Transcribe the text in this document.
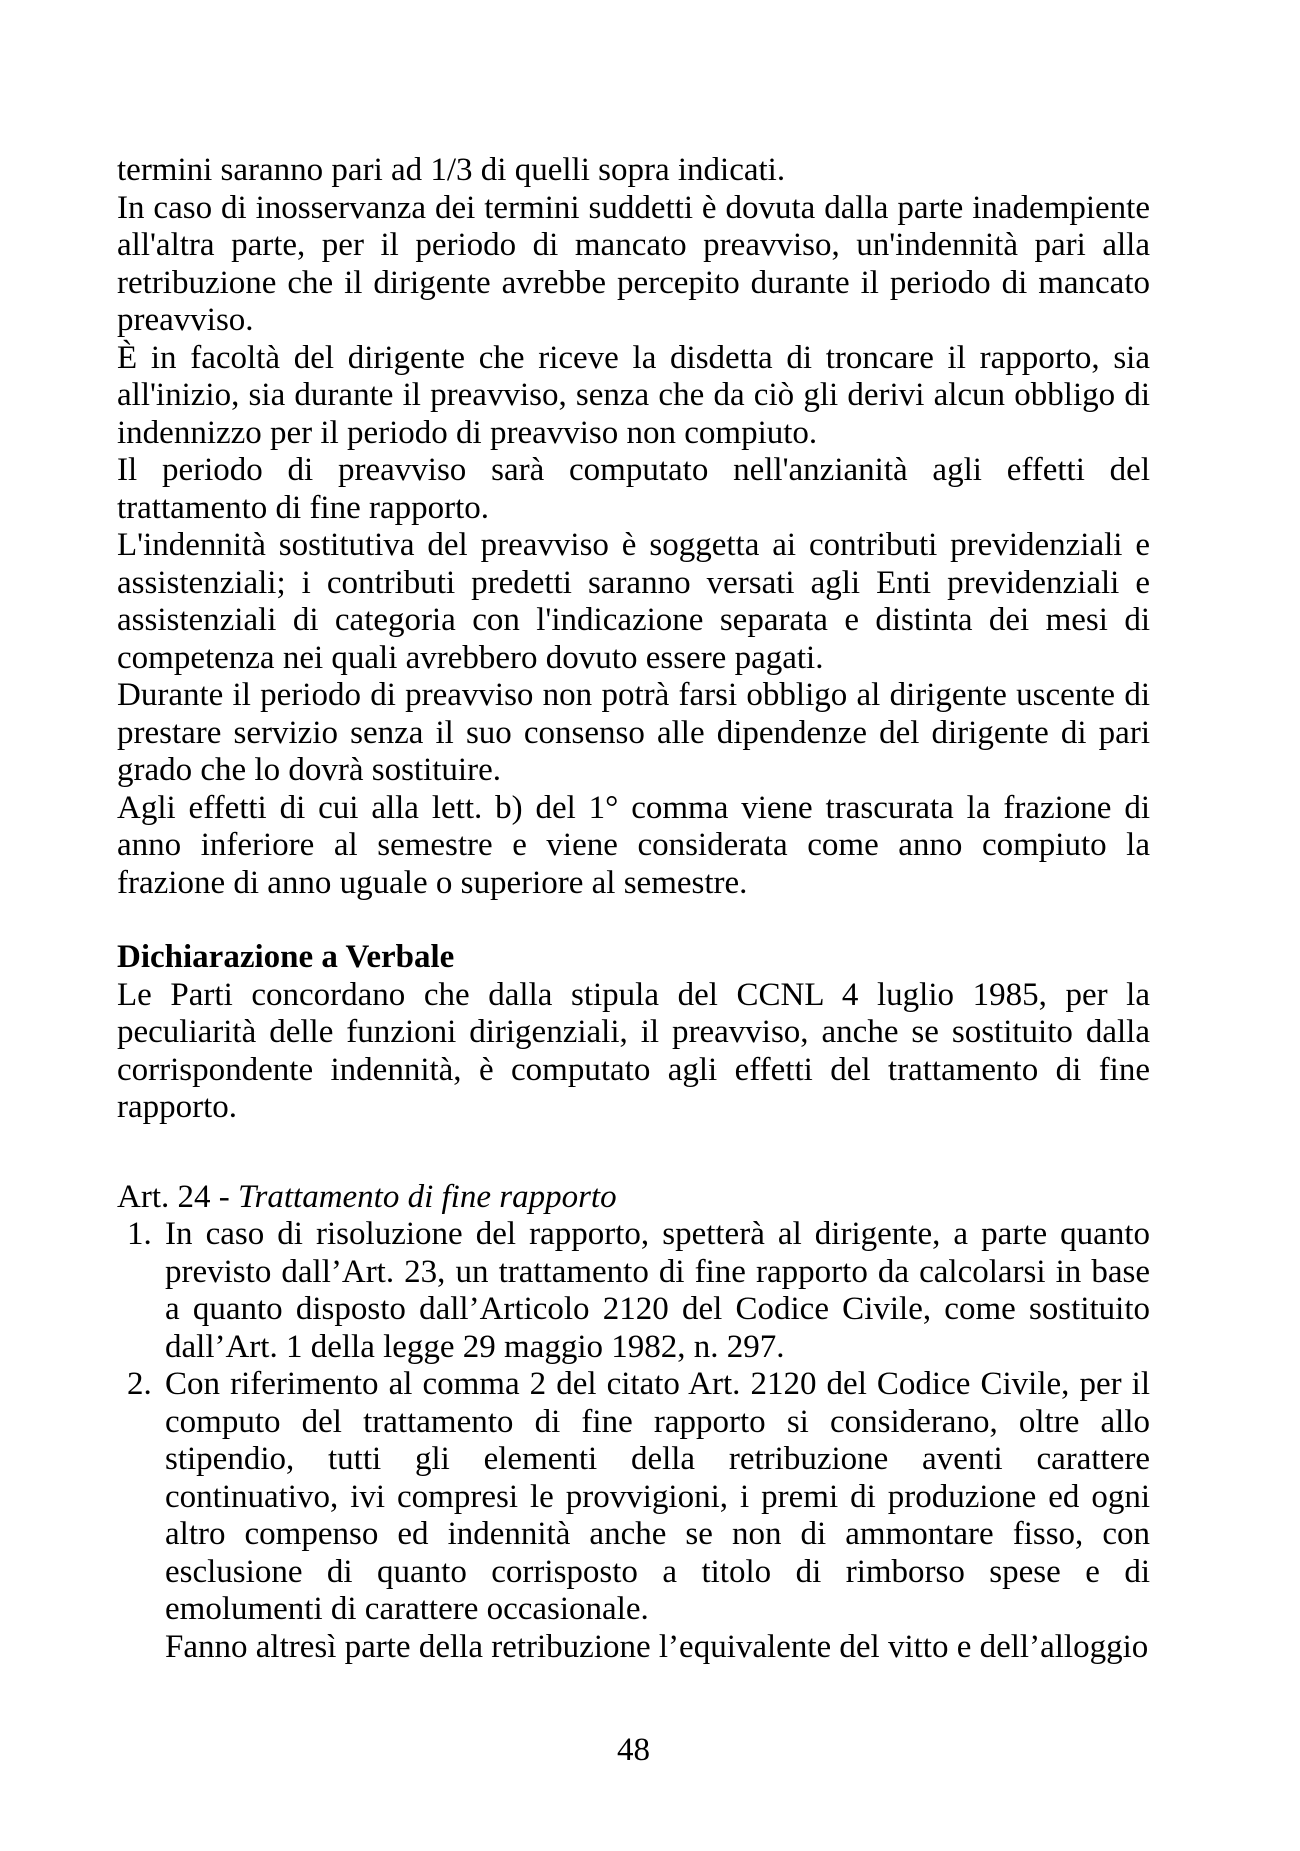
termini saranno pari ad 1/3 di quelli sopra indicati.

In caso di inosservanza dei termini suddetti è dovuta dalla parte inadempiente all'altra parte, per il periodo di mancato preavviso, un'indennità pari alla retribuzione che il dirigente avrebbe percepito durante il periodo di mancato preavviso.

È in facoltà del dirigente che riceve la disdetta di troncare il rapporto, sia all'inizio, sia durante il preavviso, senza che da ciò gli derivi alcun obbligo di indennizzo per il periodo di preavviso non compiuto.

Il periodo di preavviso sarà computato nell'anzianità agli effetti del trattamento di fine rapporto.

L'indennità sostitutiva del preavviso è soggetta ai contributi previdenziali e assistenziali; i contributi predetti saranno versati agli Enti previdenziali e assistenziali di categoria con l'indicazione separata e distinta dei mesi di competenza nei quali avrebbero dovuto essere pagati.

Durante il periodo di preavviso non potrà farsi obbligo al dirigente uscente di prestare servizio senza il suo consenso alle dipendenze del dirigente di pari grado che lo dovrà sostituire.

Agli effetti di cui alla lett. b) del 1° comma viene trascurata la frazione di anno inferiore al semestre e viene considerata come anno compiuto la frazione di anno uguale o superiore al semestre.

Dichiarazione a Verbale

Le Parti concordano che dalla stipula del CCNL 4 luglio 1985, per la peculiarità delle funzioni dirigenziali, il preavviso, anche se sostituito dalla corrispondente indennità, è computato agli effetti del trattamento di fine rapporto.

Art. 24 - Trattamento di fine rapporto

1. In caso di risoluzione del rapporto, spetterà al dirigente, a parte quanto previsto dall’Art. 23, un trattamento di fine rapporto da calcolarsi in base a quanto disposto dall’Articolo 2120 del Codice Civile, come sostituito dall’Art. 1 della legge 29 maggio 1982, n. 297.

2. Con riferimento al comma 2 del citato Art. 2120 del Codice Civile, per il computo del trattamento di fine rapporto si considerano, oltre allo stipendio, tutti gli elementi della retribuzione aventi carattere continuativo, ivi compresi le provvigioni, i premi di produzione ed ogni altro compenso ed indennità anche se non di ammontare fisso, con esclusione di quanto corrisposto a titolo di rimborso spese e di emolumenti di carattere occasionale.

Fanno altresì parte della retribuzione l’equivalente del vitto e dell’alloggio

48
